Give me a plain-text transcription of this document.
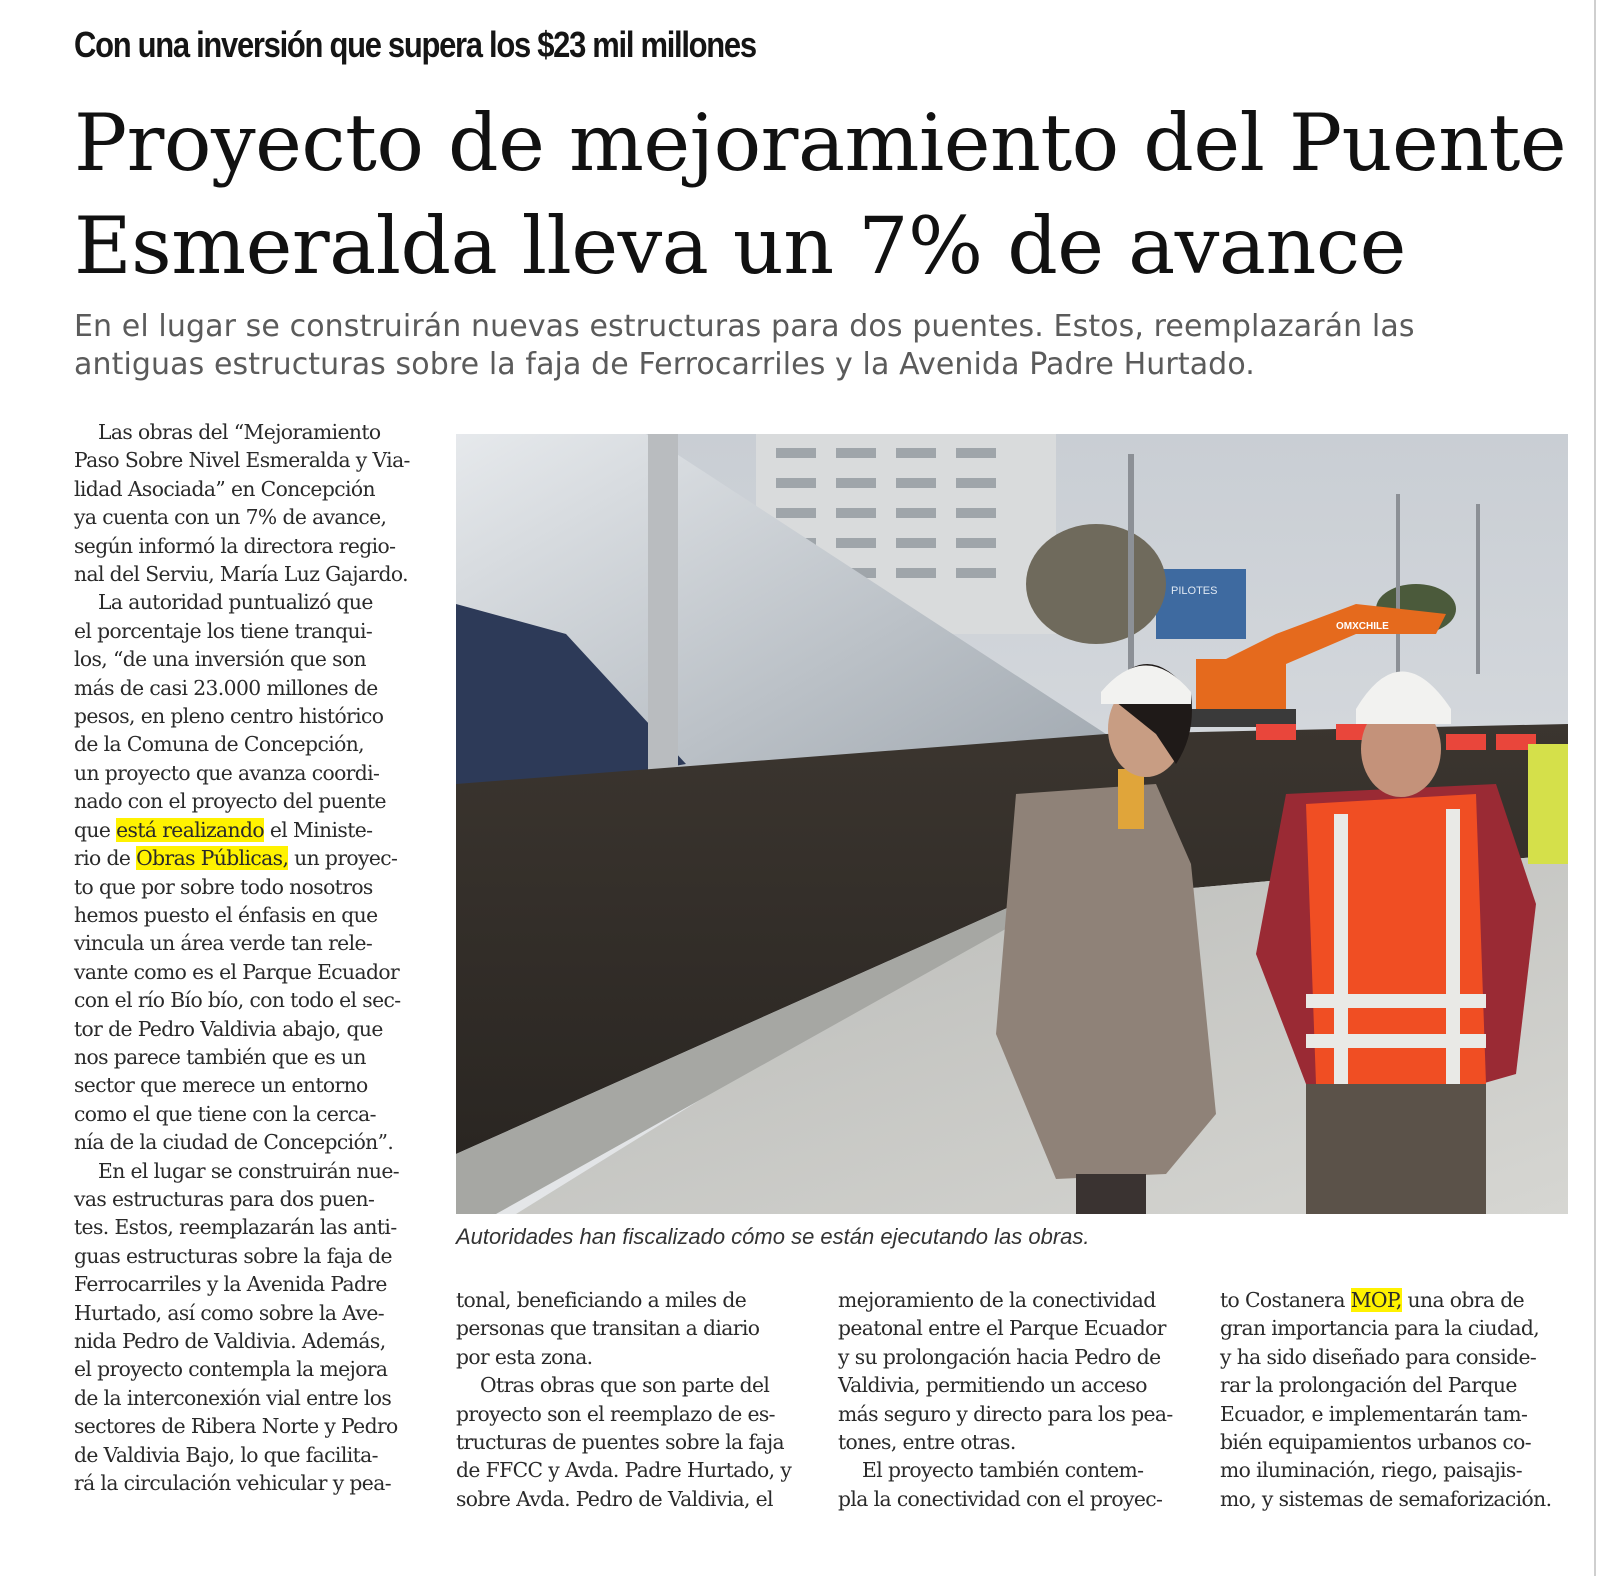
Con una inversión que supera los $23 mil millones
Proyecto de mejoramiento del Puente
Esmeralda lleva un 7% de avance
En el lugar se construirán nuevas estructuras para dos puentes. Estos, reemplazarán las
antiguas estructuras sobre la faja de Ferrocarriles y la Avenida Padre Hurtado.
Las obras del “Mejoramiento
Paso Sobre Nivel Esmeralda y Via-
lidad Asociada” en Concepción
ya cuenta con un 7% de avance,
según informó la directora regio-
nal del Serviu, María Luz Gajardo.
La autoridad puntualizó que
el porcentaje los tiene tranqui-
los, “de una inversión que son
más de casi 23.000 millones de
pesos, en pleno centro histórico
de la Comuna de Concepción,
un proyecto que avanza coordi-
nado con el proyecto del puente
que está realizando el Ministe-
rio de Obras Públicas, un proyec-
to que por sobre todo nosotros
hemos puesto el énfasis en que
vincula un área verde tan rele-
vante como es el Parque Ecuador
con el río Bío bío, con todo el sec-
tor de Pedro Valdivia abajo, que
nos parece también que es un
sector que merece un entorno
como el que tiene con la cerca-
nía de la ciudad de Concepción”.
En el lugar se construirán nue-
vas estructuras para dos puen-
tes. Estos, reemplazarán las anti-
guas estructuras sobre la faja de
Ferrocarriles y la Avenida Padre
Hurtado, así como sobre la Ave-
nida Pedro de Valdivia. Además,
el proyecto contempla la mejora
de la interconexión vial entre los
sectores de Ribera Norte y Pedro
de Valdivia Bajo, lo que facilita-
rá la circulación vehicular y pea-
PILOTES
OMXCHILE
Autoridades han fiscalizado cómo se están ejecutando las obras.
tonal, beneficiando a miles de
personas que transitan a diario
por esta zona.
Otras obras que son parte del
proyecto son el reemplazo de es-
tructuras de puentes sobre la faja
de FFCC y Avda. Padre Hurtado, y
sobre Avda. Pedro de Valdivia, el
mejoramiento de la conectividad
peatonal entre el Parque Ecuador
y su prolongación hacia Pedro de
Valdivia, permitiendo un acceso
más seguro y directo para los pea-
tones, entre otras.
El proyecto también contem-
pla la conectividad con el proyec-
to Costanera MOP, una obra de
gran importancia para la ciudad,
y ha sido diseñado para conside-
rar la prolongación del Parque
Ecuador, e implementarán tam-
bién equipamientos urbanos co-
mo iluminación, riego, paisajis-
mo, y sistemas de semaforización.
